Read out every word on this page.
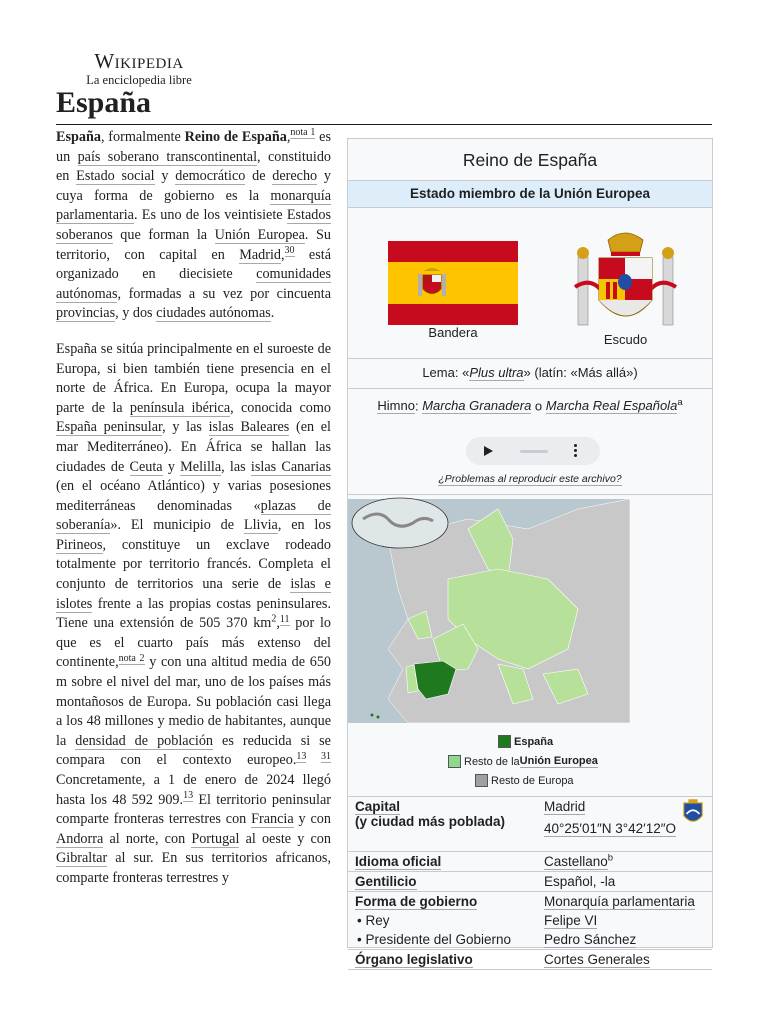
Wikipedia
La enciclopedia libre
España

España, formalmente Reino de España,$^{nota 1}$ es un país soberano transcontinental, constituido en Estado social y democrático de derecho y cuya forma de gobierno es la monarquía parlamentaria. Es uno de los veintisiete Estados soberanos que forman la Unión Europea. Su territorio, con capital en Madrid,$^{30}$ está organizado en diecisiete comunidades autónomas, formadas a su vez por cincuenta provincias, y dos ciudades autónomas.

España se sitúa principalmente en el suroeste de Europa, si bien también tiene presencia en el norte de África. En Europa, ocupa la mayor parte de la península ibérica, conocida como España peninsular, y las islas Baleares (en el mar Mediterráneo). En África se hallan las ciudades de Ceuta y Melilla, las islas Canarias (en el océano Atlántico) y varias posesiones mediterráneas denominadas «plazas de soberanía». El municipio de Llivia, en los Pirineos, constituye un exclave rodeado totalmente por territorio francés. Completa el conjunto de territorios una serie de islas e islotes frente a las propias costas peninsulares. Tiene una extensión de 505 370 $km^2,^{11}$ por lo que es el cuarto país más extenso del continente,$^{nota 2}$ y con una altitud media de 650 m sobre el nivel del mar, uno de los países más montañosos de Europa. Su población casi llega a los 48 millones y medio de habitantes, aunque la densidad de población es reducida si se compara con el contexto europeo.$^{13}$ $^{31}$ Concretamente, a 1 de enero de 2024 llegó hasta los 48 592 909.13 El territorio peninsular comparte fronteras terrestres con Francia y con Andorra al norte, con Portugal al oeste y con Gibraltar al sur. En sus territorios africanos, comparte fronteras terrestres y

Reino de España
Estado miembro de la Unión Europea
Bandera	Escudo
Lema: «Plus ultra» (latín: «Más allá»)
Himno: Marcha Granadera o Marcha Real Española$^a$
¿Problemas al reproducir este archivo?
España
Resto de la Unión Europea
Resto de Europa
Capital
(y ciudad más poblada)	Madrid
40°25′01″N 3°42′12″O

Idioma oficial	Castellano$^b$
Gentilicio	Español, -la
Forma de gobierno	Monarquía parlamentaria
• Rey	Felipe VI
• Presidente del Gobierno	Pedro Sánchez
Órgano legislativo	Cortes Generales
